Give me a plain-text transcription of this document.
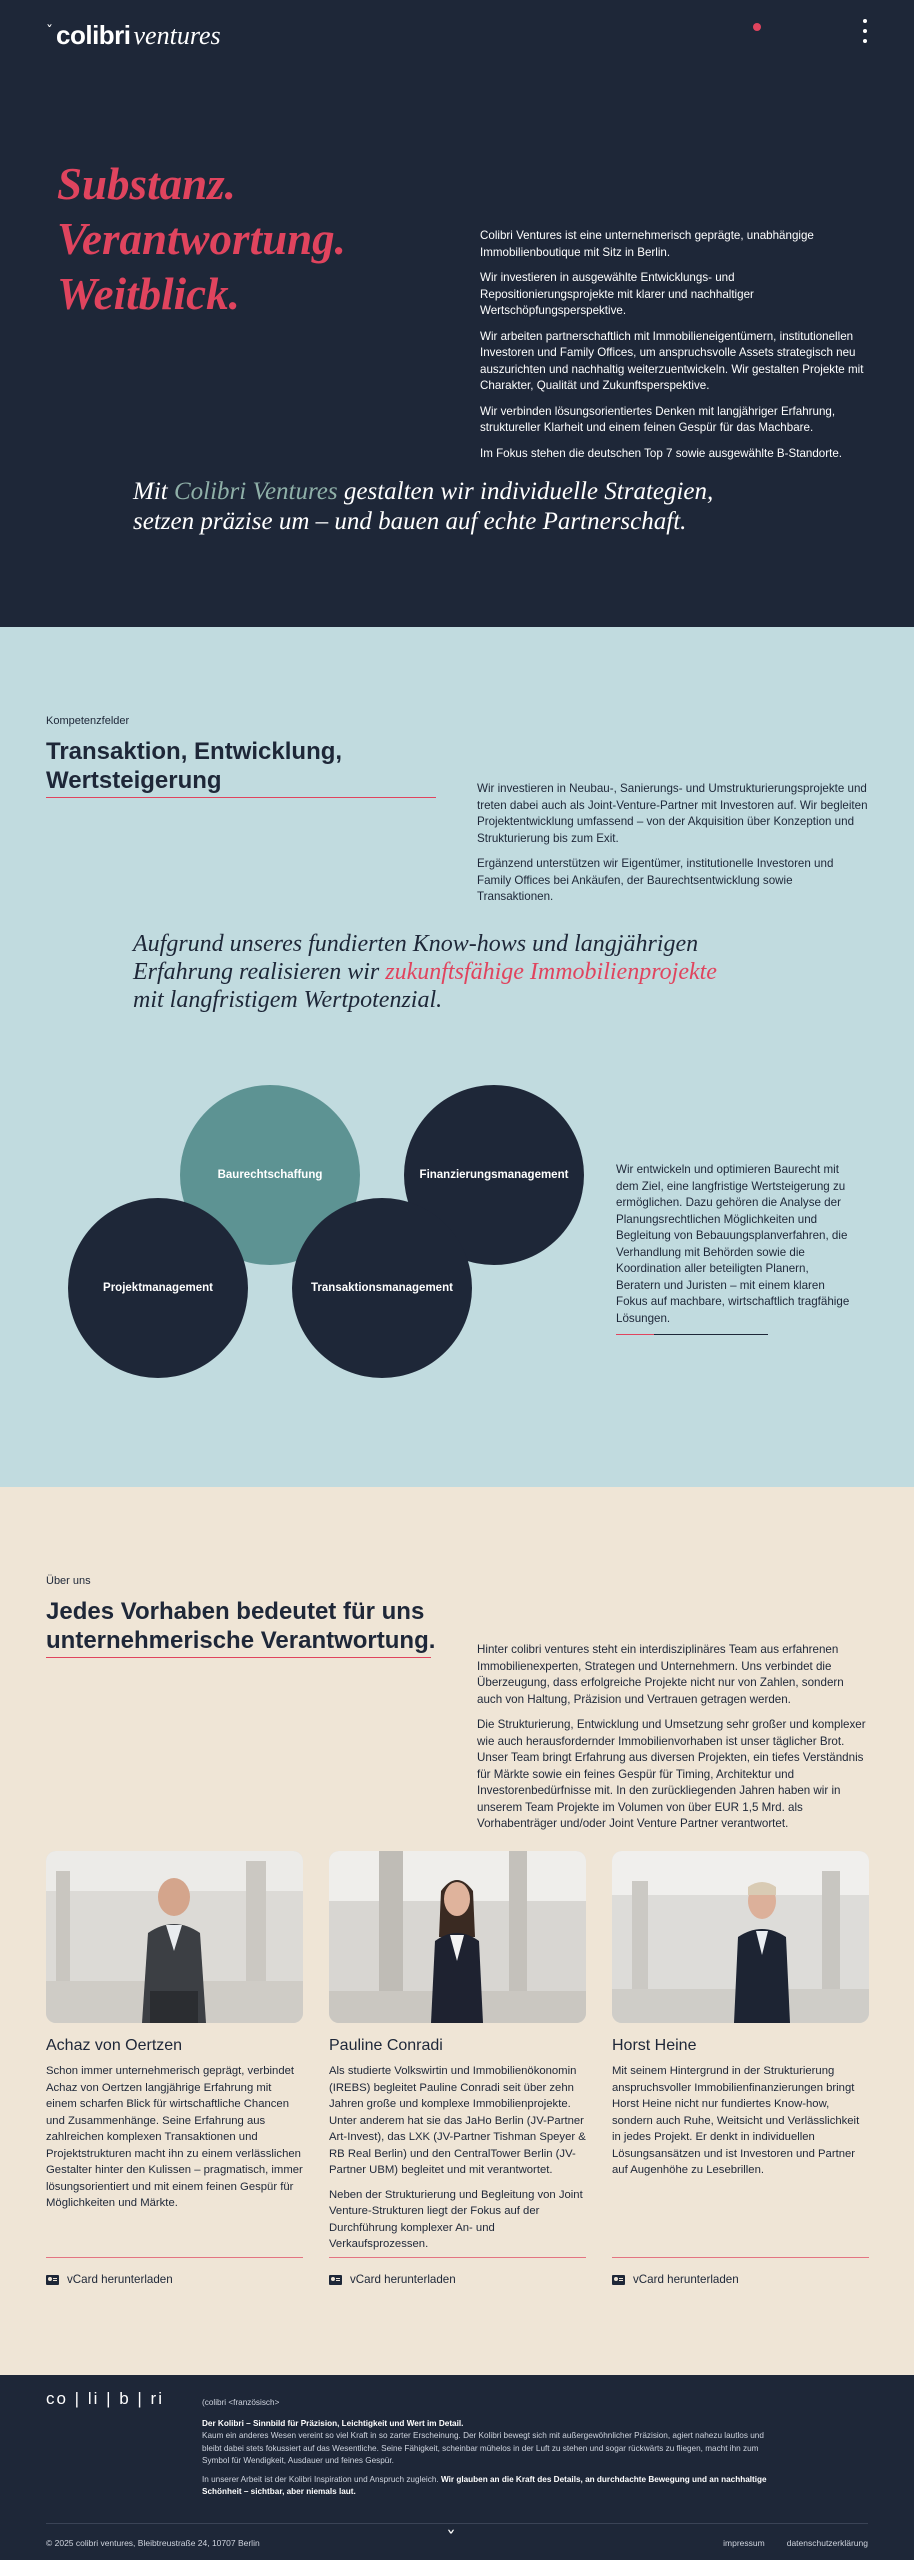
ˇ colibri ventures
Substanz.
Verantwortung.
Weitblick.

Colibri Ventures ist eine unternehmerisch geprägte, unabhängige Immobilienboutique mit Sitz in Berlin.

Wir investieren in ausgewählte Entwicklungs- und Repositionierungsprojekte mit klarer und nachhaltiger Wertschöpfungsperspektive.

Wir arbeiten partnerschaftlich mit Immobilieneigentümern, institutionellen Investoren und Family Offices, um anspruchsvolle Assets strategisch neu auszurichten und nachhaltig weiterzuentwickeln. Wir gestalten Projekte mit Charakter, Qualität und Zukunftsperspektive.

Wir verbinden lösungsorientiertes Denken mit langjähriger Erfahrung, struktureller Klarheit und einem feinen Gespür für das Machbare.

Im Fokus stehen die deutschen Top 7 sowie ausgewählte B-Standorte.

Mit Colibri Ventures gestalten wir individuelle Strategien, setzen präzise um – und bauen auf echte Partnerschaft.

Kompetenzfelder
Transaktion, Entwicklung, Wertsteigerung	Wir investieren in Neubau-, Sanierungs- und Umstrukturierungsprojekte und treten dabei auch als Joint-Venture-Partner mit Investoren auf. Wir begleiten Projektentwicklung umfassend – von der Akquisition über Konzeption und Strukturierung bis zum Exit.

Ergänzend unterstützen wir Eigentümer, institutionelle Investoren und Family Offices bei Ankäufen, der Baurechtsentwicklung sowie Transaktionen.

Aufgrund unseres fundierten Know-hows und langjährigen Erfahrung realisieren wir zukunftsfähige Immobilienprojekte mit langfristigem Wertpotenzial.

Baurechtschaffung	Finanzierungsmanagement
Projektmanagement	Transaktionsmanagement

Wir entwickeln und optimieren Baurecht mit dem Ziel, eine langfristige Wertsteigerung zu ermöglichen. Dazu gehören die Analyse der Planungsrechtlichen Möglichkeiten und Begleitung von Bebauungsplanverfahren, die Verhandlung mit Behörden sowie die Koordination aller beteiligten Planern, Beratern und Juristen – mit einem klaren Fokus auf machbare, wirtschaftlich tragfähige Lösungen.

Über uns
Jedes Vorhaben bedeutet für uns unternehmerische Verantwortung.	Hinter colibri ventures steht ein interdisziplinäres Team aus erfahrenen Immobilienexperten, Strategen und Unternehmern. Uns verbindet die Überzeugung, dass erfolgreiche Projekte nicht nur von Zahlen, sondern auch von Haltung, Präzision und Vertrauen getragen werden.

Die Strukturierung, Entwicklung und Umsetzung sehr großer und komplexer wie auch herausfordernder Immobilienvorhaben ist unser täglicher Brot. Unser Team bringt Erfahrung aus diversen Projekten, ein tiefes Verständnis für Märkte sowie ein feines Gespür für Timing, Architektur und Investorenbedürfnisse mit. In den zurückliegenden Jahren haben wir in unserem Team Projekte im Volumen von über EUR 1,5 Mrd. als Vorhabenträger und/oder Joint Venture Partner verantwortet.

Achaz von Oertzen

Schon immer unternehmerisch geprägt, verbindet Achaz von Oertzen langjährige Erfahrung mit einem scharfen Blick für wirtschaftliche Chancen und Zusammenhänge. Seine Erfahrung aus zahlreichen komplexen Transaktionen und Projektstrukturen macht ihn zu einem verlässlichen Gestalter hinter den Kulissen – pragmatisch, immer lösungsorientiert und mit einem feinen Gespür für Möglichkeiten und Märkte.

Pauline Conradi

Als studierte Volkswirtin und Immobilienökonomin (IREBS) begleitet Pauline Conradi seit über zehn Jahren große und komplexe Immobilienprojekte. Unter anderem hat sie das JaHo Berlin (JV-Partner Art-Invest), das LXK (JV-Partner Tishman Speyer & RB Real Berlin) und den CentralTower Berlin (JV-Partner UBM) begleitet und mit verantwortet.

Neben der Strukturierung und Begleitung von Joint Venture-Strukturen liegt der Fokus auf der Durchführung komplexer An- und Verkaufsprozessen.

Horst Heine

Mit seinem Hintergrund in der Strukturierung anspruchsvoller Immobilienfinanzierungen bringt Horst Heine nicht nur fundiertes Know-how, sondern auch Ruhe, Weitsicht und Verlässlichkeit in jedes Projekt. Er denkt in individuellen Lösungsansätzen und ist Investoren und Partner auf Augenhöhe zu Lesebrillen.

vCard herunterladen	vCard herunterladen	vCard herunterladen
co | li | b | ri	(colibri <französisch>

Der Kolibri – Sinnbild für Präzision, Leichtigkeit und Wert im Detail.
Kaum ein anderes Wesen vereint so viel Kraft in so zarter Erscheinung. Der Kolibri bewegt sich mit außergewöhnlicher Präzision, agiert nahezu lautlos und bleibt dabei stets fokussiert auf das Wesentliche. Seine Fähigkeit, scheinbar mühelos in der Luft zu stehen und sogar rückwärts zu fliegen, macht ihn zum Symbol für Wendigkeit, Ausdauer und feines Gespür.

In unserer Arbeit ist der Kolibri Inspiration und Anspruch zugleich. Wir glauben an die Kraft des Details, an durchdachte Bewegung und an nachhaltige Schönheit – sichtbar, aber niemals laut.

© 2025 colibri ventures, Bleibtreustraße 24, 10707 Berlin	ˇ	impressum	datenschutzerklärung
